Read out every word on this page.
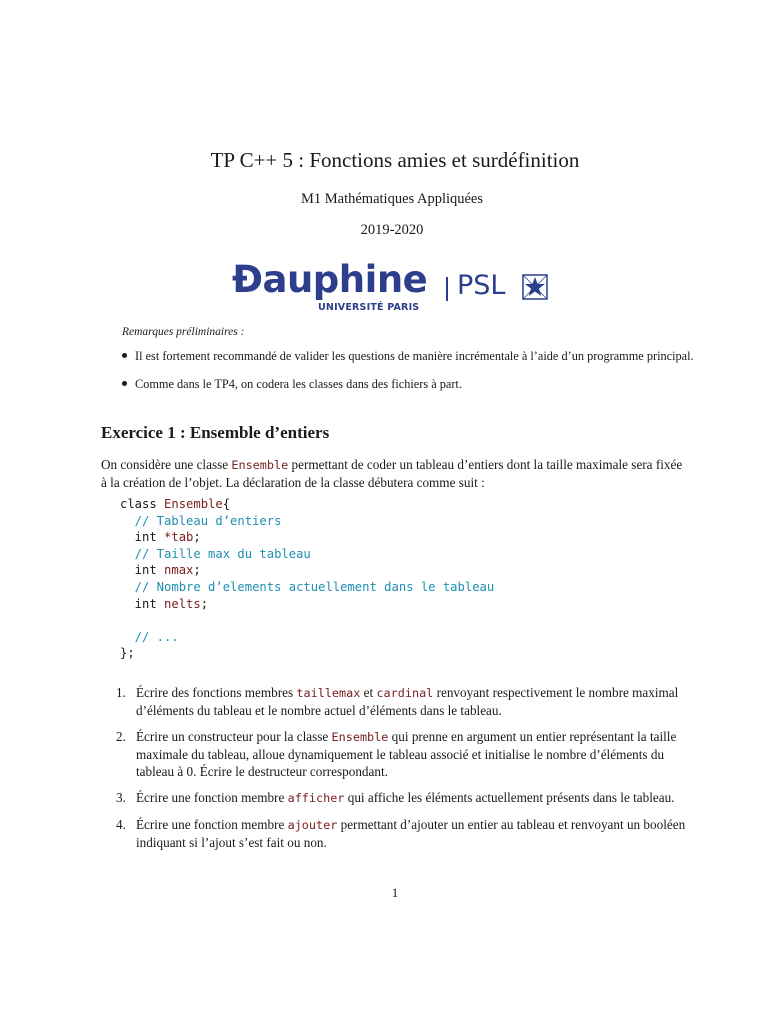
TP C++ 5 : Fonctions amies et surdéfinition
M1 Mathématiques Appliquées
2019-2020
Ɖauphine
UNIVERSITÉ PARIS
PSL
Remarques préliminaires :
Il est fortement recommandé de valider les questions de manière incrémentale à l’aide d’un programme principal.
Comme dans le TP4, on codera les classes dans des fichiers à part.
Exercice 1 : Ensemble d’entiers
On considère une classe Ensemble permettant de coder un tableau d’entiers dont la taille maximale sera fixée à la création de l’objet. La déclaration de la classe débutera comme suit :
class Ensemble{
// Tableau d’entiers
int *tab;
// Taille max du tableau
int nmax;
// Nombre d’elements actuellement dans le tableau
int nelts;

// ...
};
1. Écrire des fonctions membres taillemax et cardinal renvoyant respectivement le nombre maximal d’éléments du tableau et le nombre actuel d’éléments dans le tableau.
2. Écrire un constructeur pour la classe Ensemble qui prenne en argument un entier représentant la taille maximale du tableau, alloue dynamiquement le tableau associé et initialise le nombre d’éléments du tableau à 0. Écrire le destructeur correspondant.
3. Écrire une fonction membre afficher qui affiche les éléments actuellement présents dans le tableau.
4. Écrire une fonction membre ajouter permettant d’ajouter un entier au tableau et renvoyant un booléen indiquant si l’ajout s’est fait ou non.
1
